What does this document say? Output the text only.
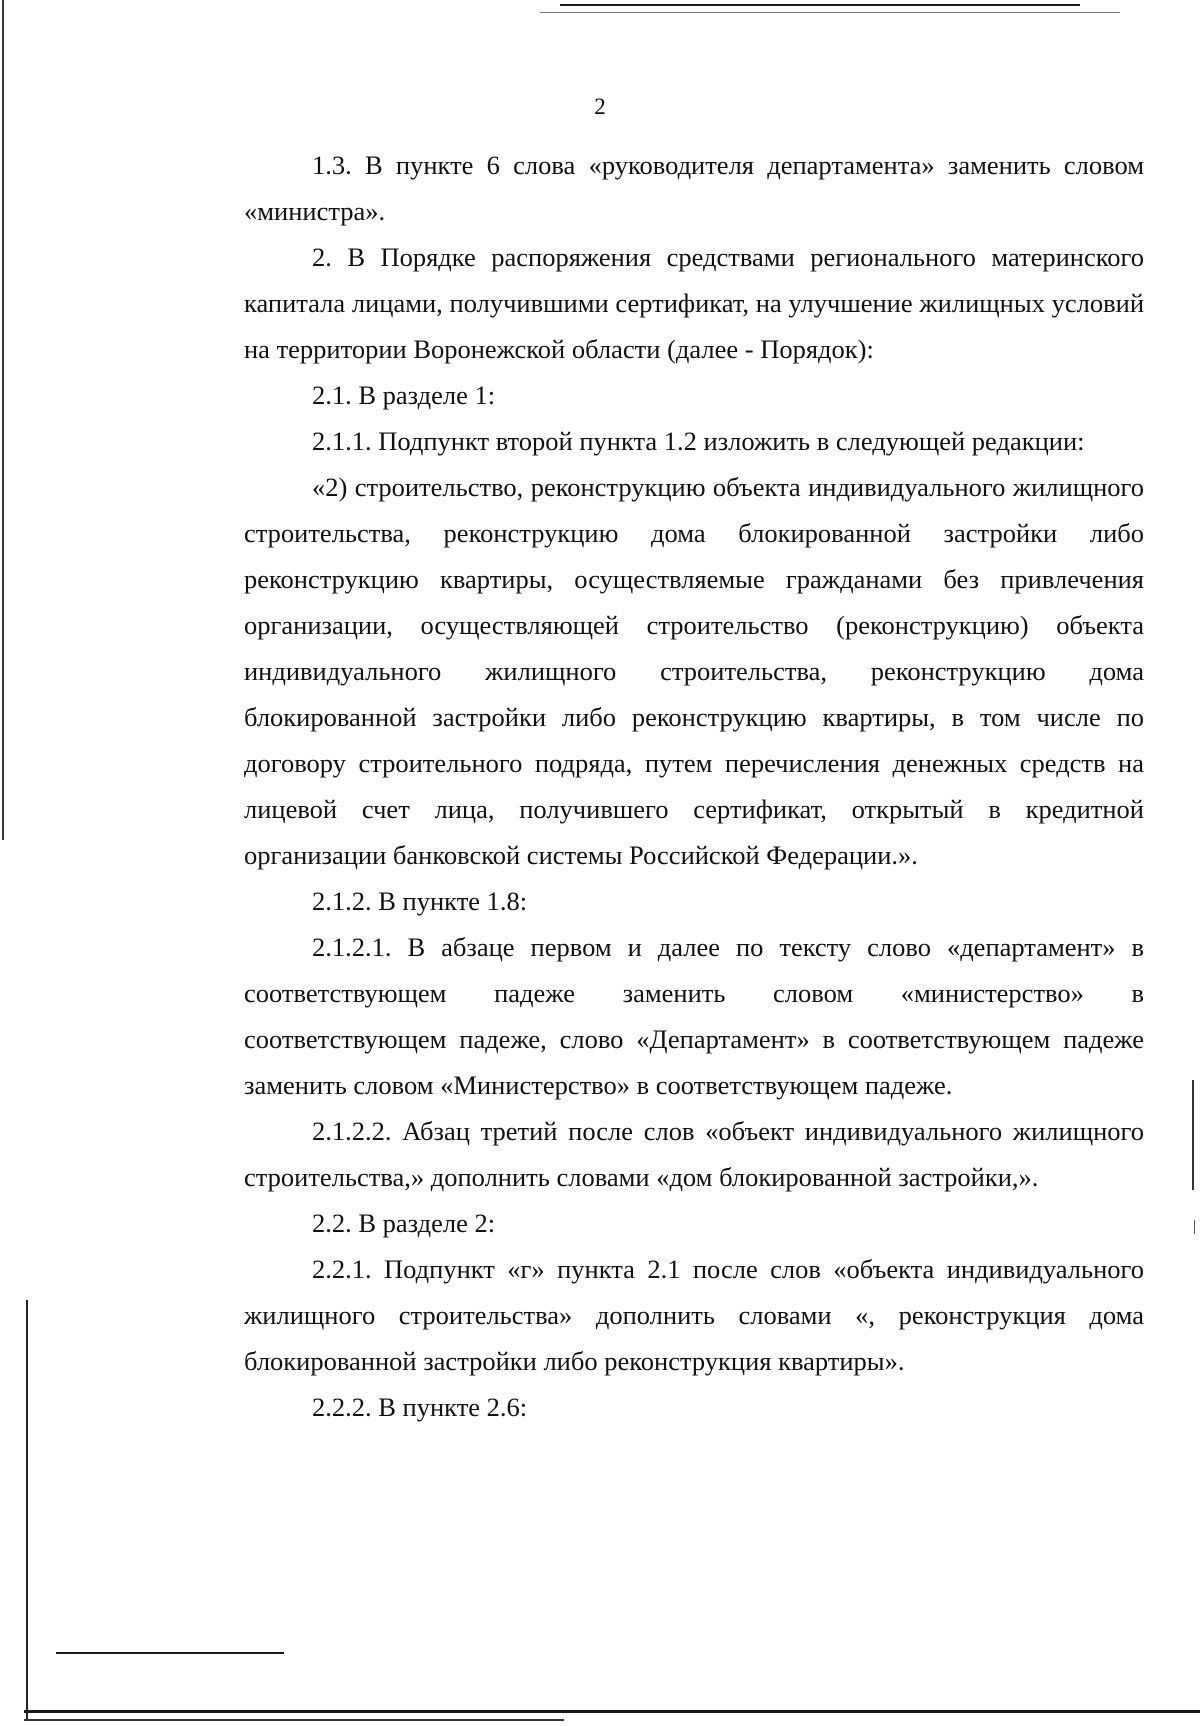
2

1.3. В пункте 6 слова «руководителя департамента» заменить словом «министра».

2. В Порядке распоряжения средствами регионального материнского капитала лицами, получившими сертификат, на улучшение жилищных условий на территории Воронежской области (далее - Порядок):

2.1. В разделе 1:

2.1.1. Подпункт второй пункта 1.2 изложить в следующей редакции:

«2) строительство, реконструкцию объекта индивидуального жилищного строительства, реконструкцию дома блокированной застройки либо реконструкцию квартиры, осуществляемые гражданами без привлечения организации, осуществляющей строительство (реконструкцию) объекта индивидуального жилищного строительства, реконструкцию дома блокированной застройки либо реконструкцию квартиры, в том числе по договору строительного подряда, путем перечисления денежных средств на лицевой счет лица, получившего сертификат, открытый в кредитной организации банковской системы Российской Федерации.».

2.1.2. В пункте 1.8:

2.1.2.1. В абзаце первом и далее по тексту слово «департамент» в соответствующем падеже заменить словом «министерство» в соответствующем падеже, слово «Департамент» в соответствующем падеже заменить словом «Министерство» в соответствующем падеже.

2.1.2.2. Абзац третий после слов «объект индивидуального жилищного строительства,» дополнить словами «дом блокированной застройки,».

2.2. В разделе 2:

2.2.1. Подпункт «г» пункта 2.1 после слов «объекта индивидуального жилищного строительства» дополнить словами «, реконструкция дома блокированной застройки либо реконструкция квартиры».

2.2.2. В пункте 2.6:
